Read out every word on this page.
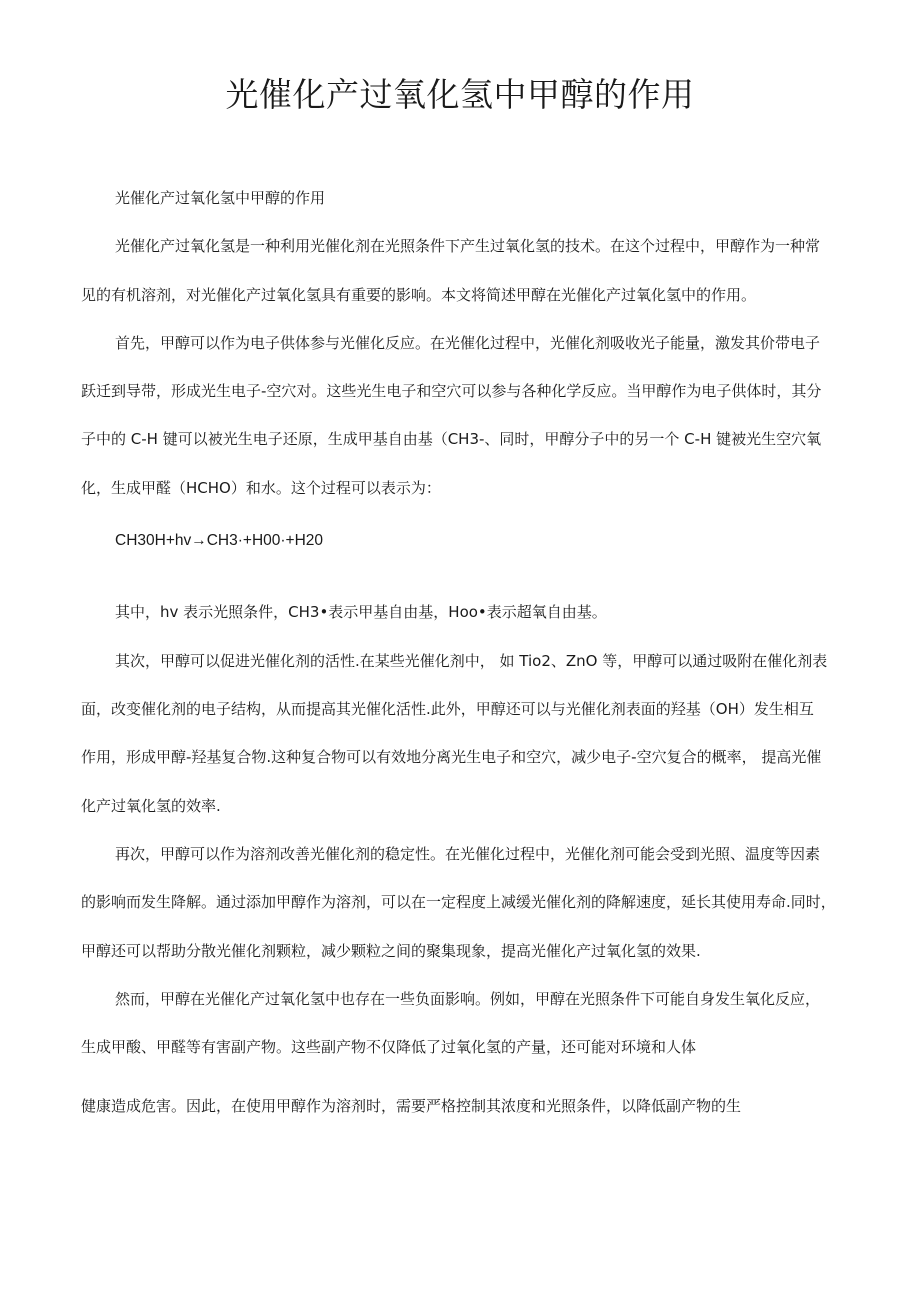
光催化产过氧化氢中甲醇的作用

光催化产过氧化氢中甲醇的作用

光催化产过氧化氢是一种利用光催化剂在光照条件下产生过氧化氢的技术。在这个过程中，甲醇作为一种常

见的有机溶剂，对光催化产过氧化氢具有重要的影响。本文将简述甲醇在光催化产过氧化氢中的作用。

首先，甲醇可以作为电子供体参与光催化反应。在光催化过程中，光催化剂吸收光子能量，激发其价带电子

跃迁到导带，形成光生电子-空穴对。这些光生电子和空穴可以参与各种化学反应。当甲醇作为电子供体时，其分

子中的 C-H 键可以被光生电子还原，生成甲基自由基（CH3-、同时，甲醇分子中的另一个 C-H 键被光生空穴氧

化，生成甲醛（HCHO）和水。这个过程可以表示为：

CH30H+hv→CH3·+H00·+H20

其中，hv 表示光照条件，CH3•表示甲基自由基，Hoo•表示超氧自由基。

其次，甲醇可以促进光催化剂的活性.在某些光催化剂中， 如 Tio2、ZnO 等，甲醇可以通过吸附在催化剂表

面，改变催化剂的电子结构，从而提高其光催化活性.此外，甲醇还可以与光催化剂表面的羟基（OH）发生相互

作用，形成甲醇-羟基复合物.这种复合物可以有效地分离光生电子和空穴，减少电子-空穴复合的概率， 提高光催

化产过氧化氢的效率.

再次，甲醇可以作为溶剂改善光催化剂的稳定性。在光催化过程中，光催化剂可能会受到光照、温度等因素

的影响而发生降解。通过添加甲醇作为溶剂，可以在一定程度上减缓光催化剂的降解速度，延长其使用寿命.同时，

甲醇还可以帮助分散光催化剂颗粒，减少颗粒之间的聚集现象，提高光催化产过氧化氢的效果.

然而，甲醇在光催化产过氧化氢中也存在一些负面影响。例如，甲醇在光照条件下可能自身发生氧化反应，

生成甲酸、甲醛等有害副产物。这些副产物不仅降低了过氧化氢的产量，还可能对环境和人体

健康造成危害。因此，在使用甲醇作为溶剂时，需要严格控制其浓度和光照条件，以降低副产物的生
